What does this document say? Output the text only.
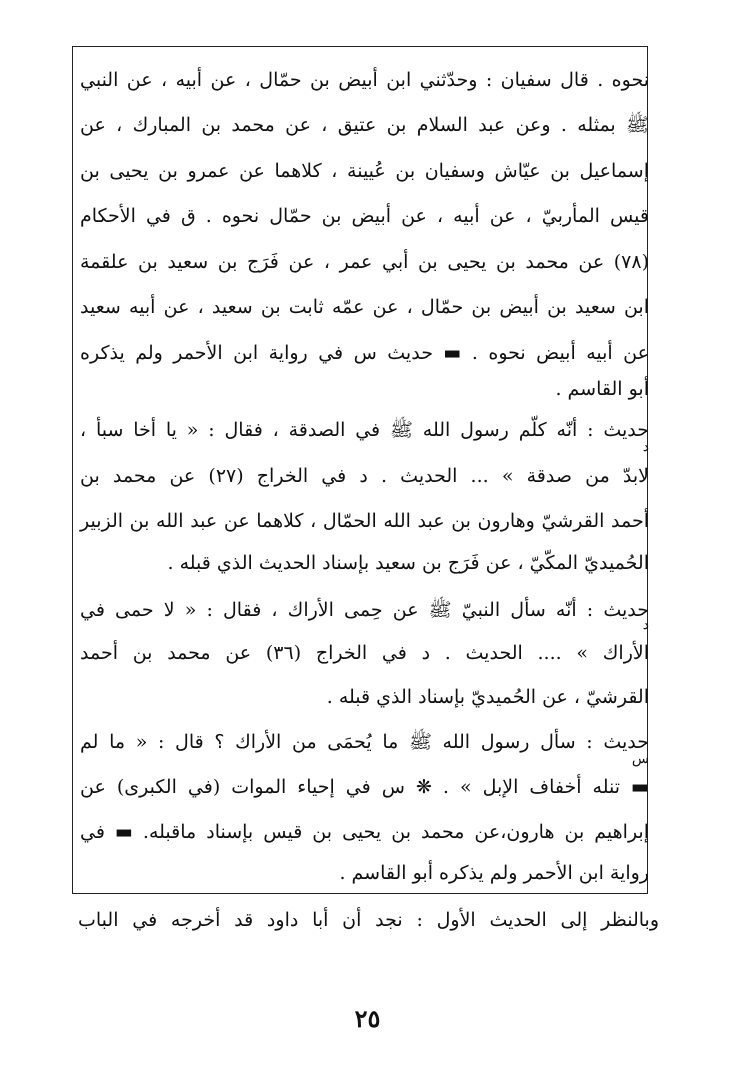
نحوه . قال سفيان : وحدّثني ابن أبيض بن حمّال ، عن أبيه ، عن النبي
ﷺ بمثله . وعن عبد السلام بن عتيق ، عن محمد بن المبارك ، عن
إسماعيل بن عيّاش وسفيان بن عُيينة ، كلاهما عن عمرو بن يحيى بن
قيس المأربيّ ، عن أبيه ، عن أبيض بن حمّال نحوه . ق في الأحكام
(٧٨) عن محمد بن يحيى بن أبي عمر ، عن فَرَج بن سعيد بن علقمة
ابن سعيد بن أبيض بن حمّال ، عن عمّه ثابت بن سعيد ، عن أبيه سعيد
عن أبيه أبيض نحوه . ▬ حديث س في رواية ابن الأحمر ولم يذكره
أبو القاسم .
حديث : أنّه كلّم رسول الله ﷺ في الصدقة ، فقال : « يا أخا سبأ ،
د
لابدّ من صدقة » ... الحديث . د في الخراج (٢٧) عن محمد بن
أحمد القرشيّ وهارون بن عبد الله الحمّال ، كلاهما عن عبد الله بن الزبير
الحُميديّ المكّيّ ، عن فَرَج بن سعيد بإسناد الحديث الذي قبله .
حديث : أنّه سأل النبيّ ﷺ عن حِمى الأراك ، فقال : « لا حمى في
د
الأراك » .... الحديث . د في الخراج (٣٦) عن محمد بن أحمد
القرشيّ ، عن الحُميديّ بإسناد الذي قبله .
حديث : سأل رسول الله ﷺ ما يُحمَى من الأراك ؟ قال : « ما لم
س
▬ تنله أخفاف الإبل » . ❋ س في إحياء الموات (في الكبرى) عن
إبراهيم بن هارون،عن محمد بن يحيى بن قيس بإسناد ماقبله. ▬ في
رواية ابن الأحمر ولم يذكره أبو القاسم .
وبالنظر إلى الحديث الأول : نجد أن أبا داود قد أخرجه في الباب
٢٥
